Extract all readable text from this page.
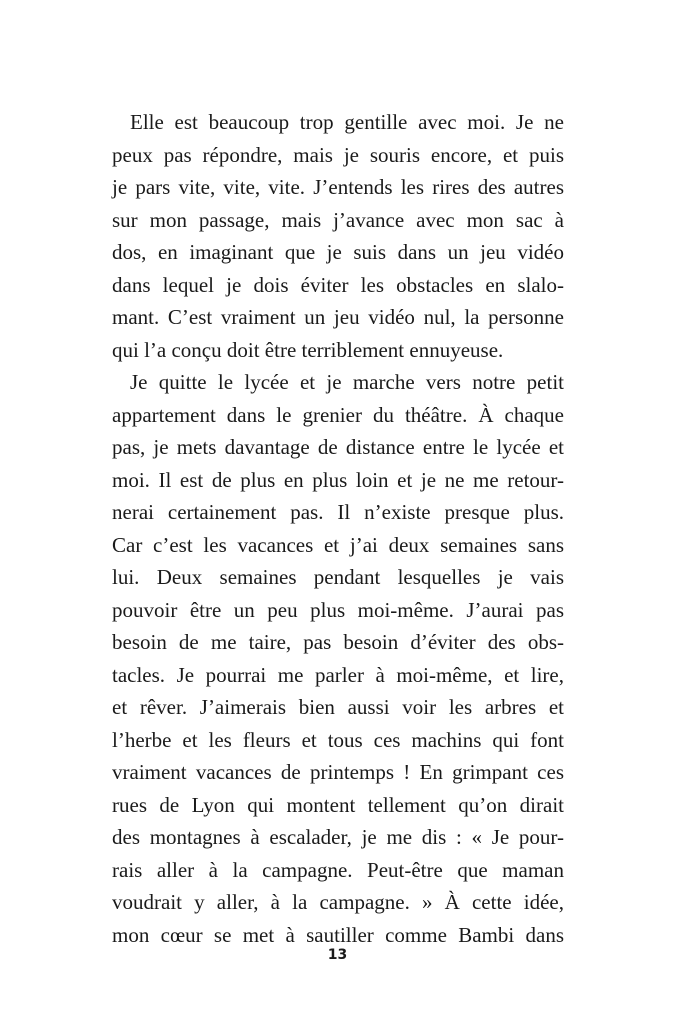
Elle est beaucoup trop gentille avec moi. Je ne
peux pas répondre, mais je souris encore, et puis
je pars vite, vite, vite. J’entends les rires des autres
sur mon passage, mais j’avance avec mon sac à
dos, en imaginant que je suis dans un jeu vidéo
dans lequel je dois éviter les obstacles en slalo-
mant. C’est vraiment un jeu vidéo nul, la personne
qui l’a conçu doit être terriblement ennuyeuse.
Je quitte le lycée et je marche vers notre petit
appartement dans le grenier du théâtre. À chaque
pas, je mets davantage de distance entre le lycée et
moi. Il est de plus en plus loin et je ne me retour-
nerai certainement pas. Il n’existe presque plus.
Car c’est les vacances et j’ai deux semaines sans
lui. Deux semaines pendant lesquelles je vais
pouvoir être un peu plus moi-même. J’aurai pas
besoin de me taire, pas besoin d’éviter des obs-
tacles. Je pourrai me parler à moi-même, et lire,
et rêver. J’aimerais bien aussi voir les arbres et
l’herbe et les fleurs et tous ces machins qui font
vraiment vacances de printemps ! En grimpant ces
rues de Lyon qui montent tellement qu’on dirait
des montagnes à escalader, je me dis : « Je pour-
rais aller à la campagne. Peut-être que maman
voudrait y aller, à la campagne. » À cette idée,
mon cœur se met à sautiller comme Bambi dans
13
